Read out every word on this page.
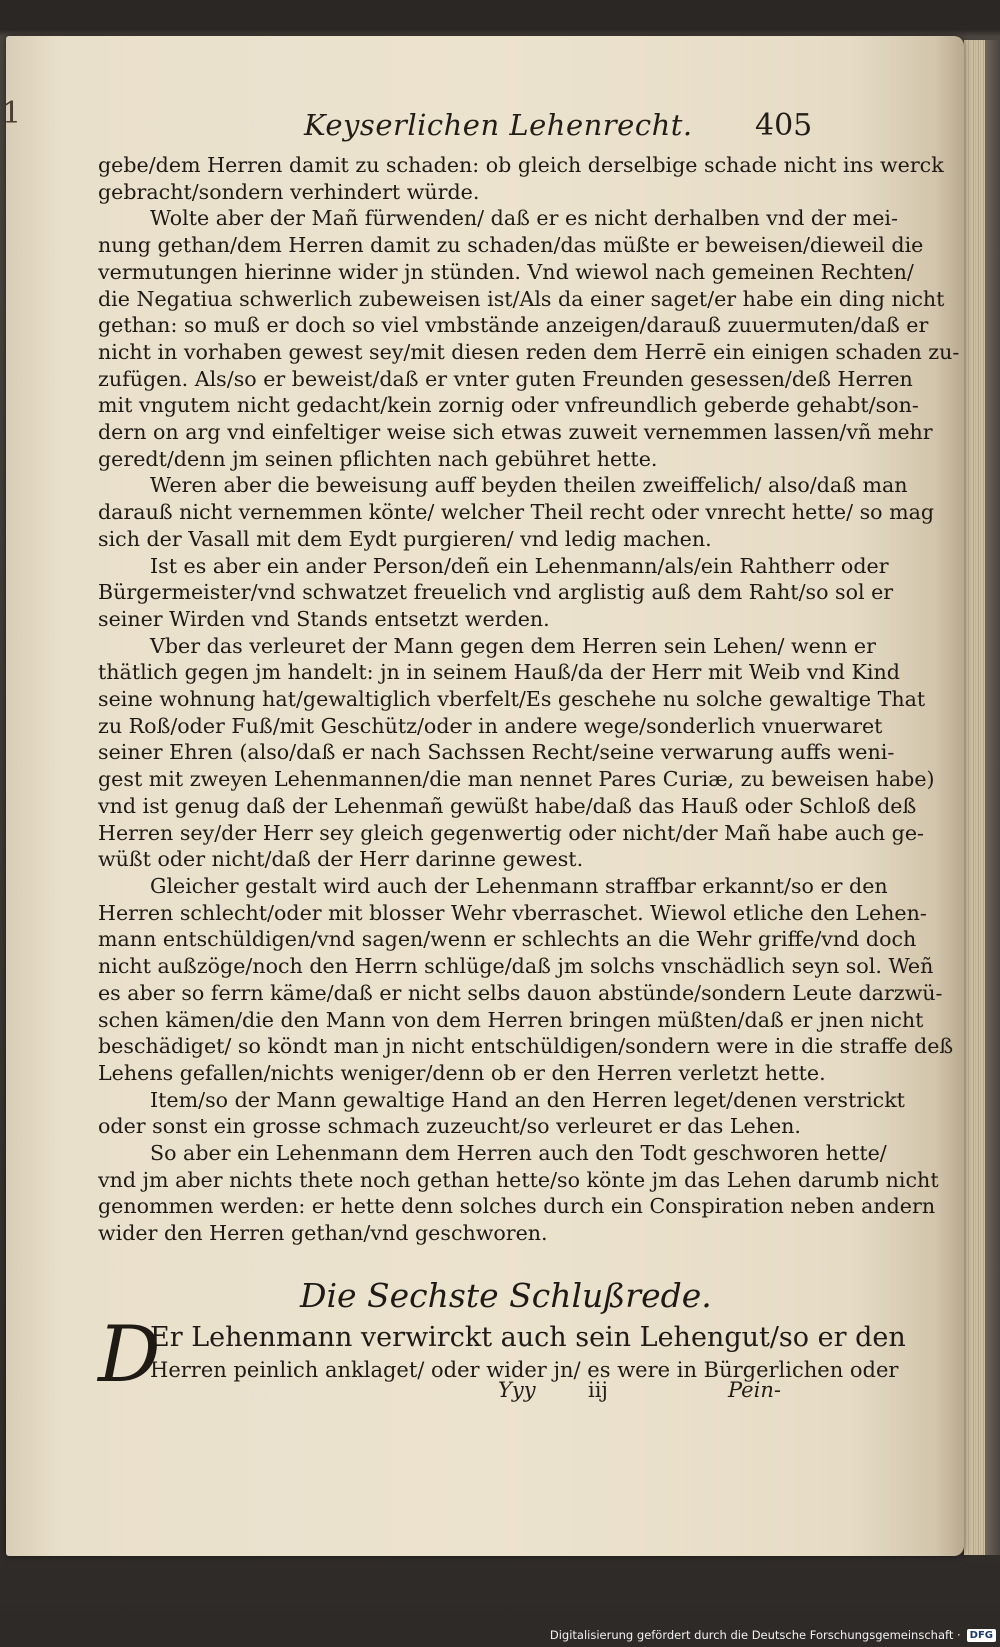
1	Keyserlichen Lehenrecht. 405
gebe/dem Herren damit zu schaden: ob gleich derselbige schade nicht ins werck
gebracht/sondern verhindert würde.
Wolte aber der Mañ fürwenden/ daß er es nicht derhalben vnd der mei-
nung gethan/dem Herren damit zu schaden/das müßte er beweisen/dieweil die
vermutungen hierinne wider jn stünden. Vnd wiewol nach gemeinen Rechten/
die Negatiua schwerlich zubeweisen ist/Als da einer saget/er habe ein ding nicht
gethan: so muß er doch so viel vmbstände anzeigen/darauß zuuermuten/daß er
nicht in vorhaben gewest sey/mit diesen reden dem Herrē ein einigen schaden zu-
zufügen. Als/so er beweist/daß er vnter guten Freunden gesessen/deß Herren
mit vngutem nicht gedacht/kein zornig oder vnfreundlich geberde gehabt/son-
dern on arg vnd einfeltiger weise sich etwas zuweit vernemmen lassen/vñ mehr
geredt/denn jm seinen pflichten nach gebühret hette.
Weren aber die beweisung auff beyden theilen zweiffelich/ also/daß man
darauß nicht vernemmen könte/ welcher Theil recht oder vnrecht hette/ so mag
sich der Vasall mit dem Eydt purgieren/ vnd ledig machen.
Ist es aber ein ander Person/deñ ein Lehenmann/als/ein Rahtherr oder
Bürgermeister/vnd schwatzet freuelich vnd arglistig auß dem Raht/so sol er
seiner Wirden vnd Stands entsetzt werden.
Vber das verleuret der Mann gegen dem Herren sein Lehen/ wenn er
thätlich gegen jm handelt: jn in seinem Hauß/da der Herr mit Weib vnd Kind
seine wohnung hat/gewaltiglich vberfelt/Es geschehe nu solche gewaltige That
zu Roß/oder Fuß/mit Geschütz/oder in andere wege/sonderlich vnuerwaret
seiner Ehren (also/daß er nach Sachssen Recht/seine verwarung auffs weni-
gest mit zweyen Lehenmannen/die man nennet Pares Curiæ, zu beweisen habe)
vnd ist genug daß der Lehenmañ gewüßt habe/daß das Hauß oder Schloß deß
Herren sey/der Herr sey gleich gegenwertig oder nicht/der Mañ habe auch ge-
wüßt oder nicht/daß der Herr darinne gewest.
Gleicher gestalt wird auch der Lehenmann straffbar erkannt/so er den
Herren schlecht/oder mit blosser Wehr vberraschet. Wiewol etliche den Lehen-
mann entschüldigen/vnd sagen/wenn er schlechts an die Wehr griffe/vnd doch
nicht außzöge/noch den Herrn schlüge/daß jm solchs vnschädlich seyn sol. Weñ
es aber so ferrn käme/daß er nicht selbs dauon abstünde/sondern Leute darzwü-
schen kämen/die den Mann von dem Herren bringen müßten/daß er jnen nicht
beschädiget/ so köndt man jn nicht entschüldigen/sondern were in die straffe deß
Lehens gefallen/nichts weniger/denn ob er den Herren verletzt hette.
Item/so der Mann gewaltige Hand an den Herren leget/denen verstrickt
oder sonst ein grosse schmach zuzeucht/so verleuret er das Lehen.
So aber ein Lehenmann dem Herren auch den Todt geschworen hette/
vnd jm aber nichts thete noch gethan hette/so könte jm das Lehen darumb nicht
genommen werden: er hette denn solches durch ein Conspiration neben andern
wider den Herren gethan/vnd geschworen.
Die Sechste Schlußrede.
D
Er Lehenmann verwirckt auch sein Lehengut/so er den
Herren peinlich anklaget/ oder wider jn/ es were in Bürgerlichen oder
Yyy iij	Pein-
Digitalisierung gefördert durch die Deutsche Forschungsgemeinschaft · DFG
